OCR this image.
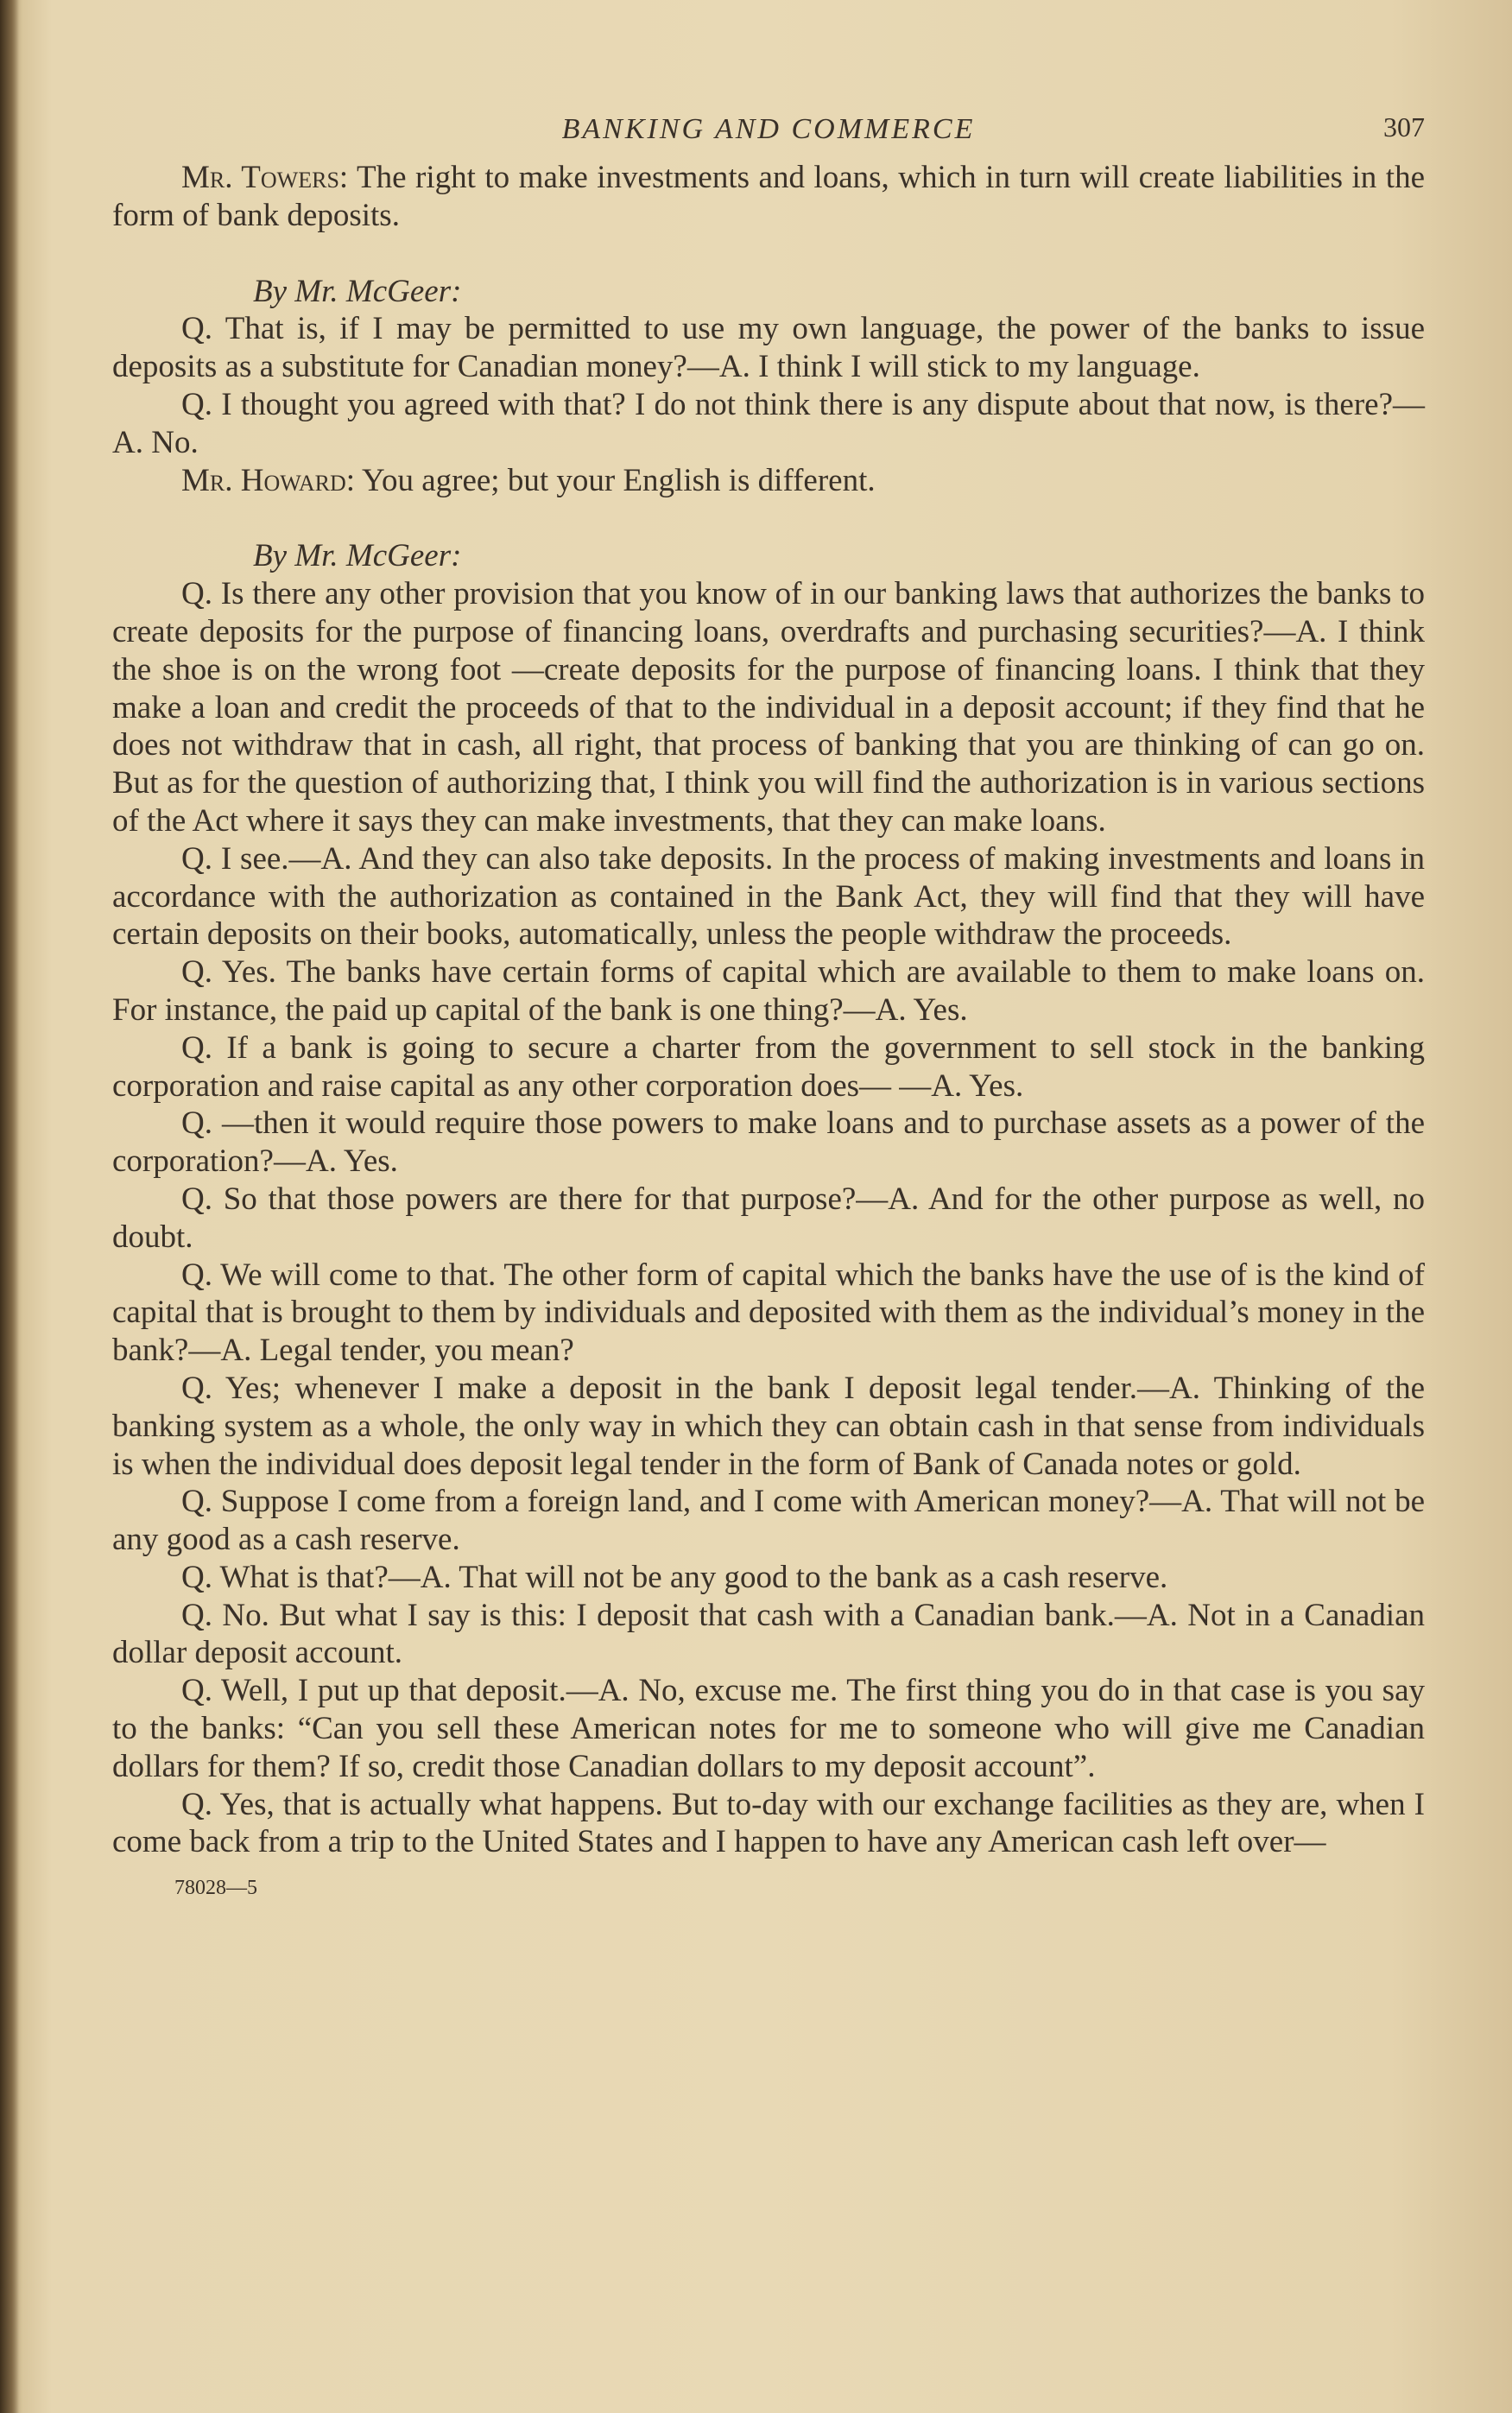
BANKING AND COMMERCE	307

Mr. Towers: The right to make investments and loans, which in turn will create liabilities in the form of bank deposits.

By Mr. McGeer:

Q. That is, if I may be permitted to use my own language, the power of the banks to issue deposits as a substitute for Canadian money?—A. I think I will stick to my language.

Q. I thought you agreed with that? I do not think there is any dispute about that now, is there?—A. No.

Mr. Howard: You agree; but your English is different.

By Mr. McGeer:

Q. Is there any other provision that you know of in our banking laws that authorizes the banks to create deposits for the purpose of financing loans, overdrafts and purchasing securities?—A. I think the shoe is on the wrong foot —create deposits for the purpose of financing loans. I think that they make a loan and credit the proceeds of that to the individual in a deposit account; if they find that he does not withdraw that in cash, all right, that process of banking that you are thinking of can go on. But as for the question of authorizing that, I think you will find the authorization is in various sections of the Act where it says they can make investments, that they can make loans.

Q. I see.—A. And they can also take deposits. In the process of making investments and loans in accordance with the authorization as contained in the Bank Act, they will find that they will have certain deposits on their books, automatically, unless the people withdraw the proceeds.

Q. Yes. The banks have certain forms of capital which are available to them to make loans on. For instance, the paid up capital of the bank is one thing?—A. Yes.

Q. If a bank is going to secure a charter from the government to sell stock in the banking corporation and raise capital as any other corporation does— —A. Yes.

Q. —then it would require those powers to make loans and to purchase assets as a power of the corporation?—A. Yes.

Q. So that those powers are there for that purpose?—A. And for the other purpose as well, no doubt.

Q. We will come to that. The other form of capital which the banks have the use of is the kind of capital that is brought to them by individuals and deposited with them as the individual’s money in the bank?—A. Legal tender, you mean?

Q. Yes; whenever I make a deposit in the bank I deposit legal tender.—A. Thinking of the banking system as a whole, the only way in which they can obtain cash in that sense from individuals is when the individual does deposit legal tender in the form of Bank of Canada notes or gold.

Q. Suppose I come from a foreign land, and I come with American money?—A. That will not be any good as a cash reserve.

Q. What is that?—A. That will not be any good to the bank as a cash reserve.

Q. No. But what I say is this: I deposit that cash with a Canadian bank.—A. Not in a Canadian dollar deposit account.

Q. Well, I put up that deposit.—A. No, excuse me. The first thing you do in that case is you say to the banks: “Can you sell these American notes for me to someone who will give me Canadian dollars for them? If so, credit those Canadian dollars to my deposit account”.

Q. Yes, that is actually what happens. But to-day with our exchange facilities as they are, when I come back from a trip to the United States and I happen to have any American cash left over—

78028—5
